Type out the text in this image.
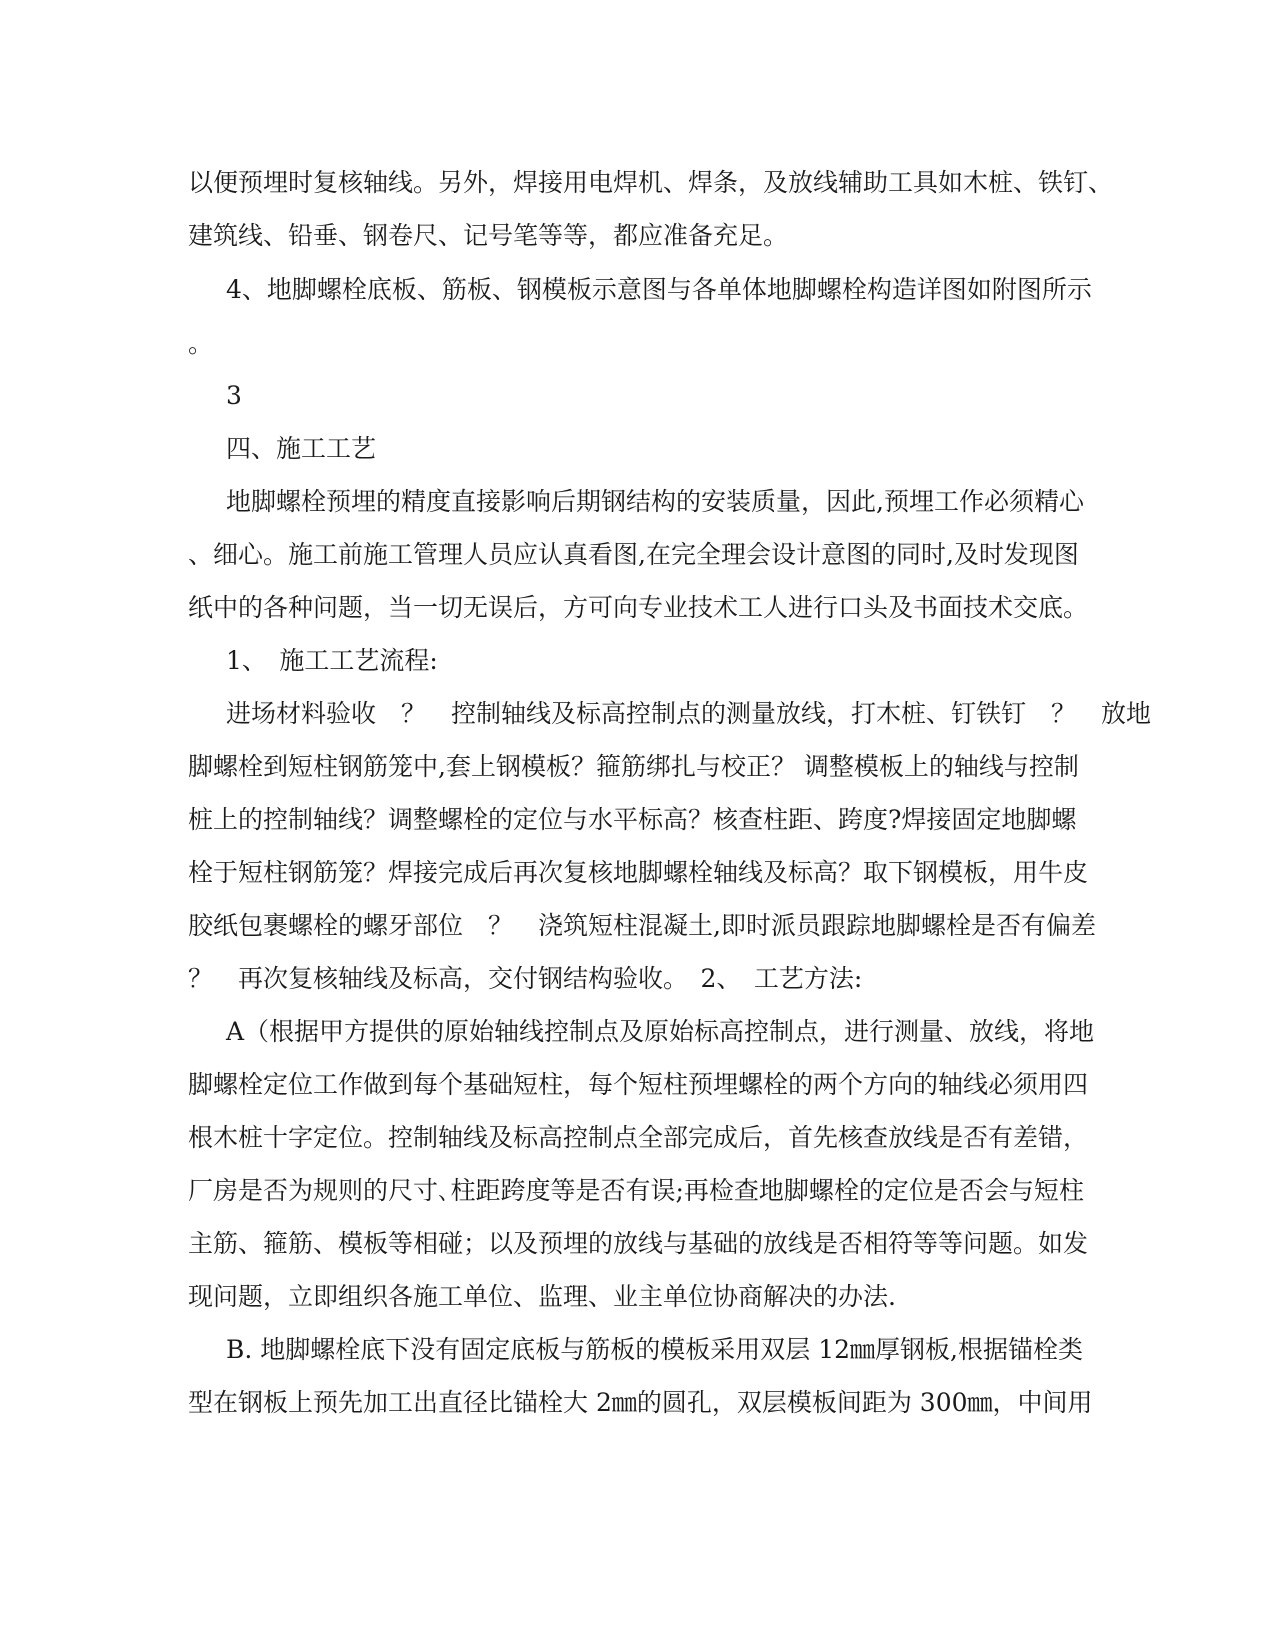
以便预埋时复核轴线。另外，焊接用电焊机、焊条，及放线辅助工具如木桩、铁钉、
建筑线、铅垂、钢卷尺、记号笔等等，都应准备充足。
4、地脚螺栓底板、筋板、钢模板示意图与各单体地脚螺栓构造详图如附图所示
。
3
四、施工工艺
地脚螺栓预埋的精度直接影响后期钢结构的安装质量，因此,预埋工作必须精心
、细心。施工前施工管理人员应认真看图,在完全理会设计意图的同时,及时发现图
纸中的各种问题，当一切无误后，方可向专业技术工人进行口头及书面技术交底。
1、　施工工艺流程:
进场材料验收　？　控制轴线及标高控制点的测量放线，打木桩、钉铁钉　？　放地
脚螺栓到短柱钢筋笼中,套上钢模板？箍筋绑扎与校正？ 调整模板上的轴线与控制
桩上的控制轴线？调整螺栓的定位与水平标高？核查柱距、跨度?焊接固定地脚螺
栓于短柱钢筋笼？焊接完成后再次复核地脚螺栓轴线及标高？取下钢模板，用牛皮
胶纸包裹螺栓的螺牙部位　？　浇筑短柱混凝土,即时派员跟踪地脚螺栓是否有偏差
？　再次复核轴线及标高，交付钢结构验收。　2、　工艺方法:
A（根据甲方提供的原始轴线控制点及原始标高控制点，进行测量、放线，将地
脚螺栓定位工作做到每个基础短柱，每个短柱预埋螺栓的两个方向的轴线必须用四
根木桩十字定位。控制轴线及标高控制点全部完成后，首先核查放线是否有差错，
厂房是否为规则的尺寸､柱距跨度等是否有误;再检查地脚螺栓的定位是否会与短柱
主筋、箍筋、模板等相碰；以及预埋的放线与基础的放线是否相符等等问题。如发
现问题，立即组织各施工单位、监理、业主单位协商解决的办法.
B. 地脚螺栓底下没有固定底板与筋板的模板采用双层 12㎜厚钢板,根据锚栓类
型在钢板上预先加工出直径比锚栓大 2㎜的圆孔，双层模板间距为 300㎜，中间用
